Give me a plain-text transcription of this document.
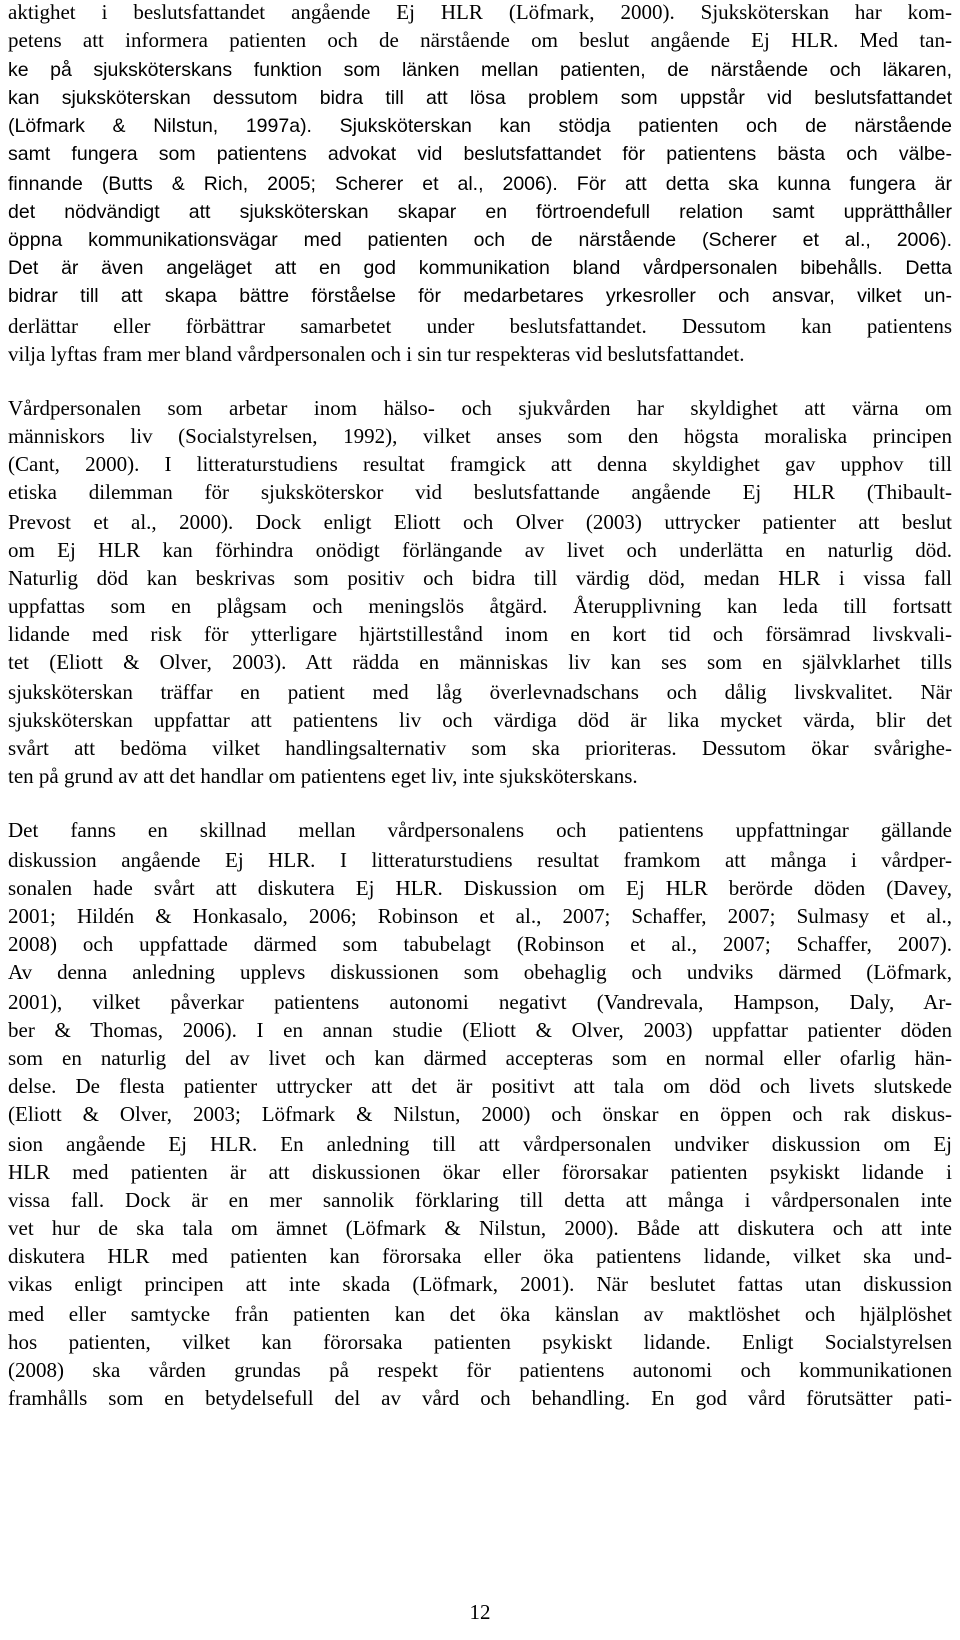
aktighet i beslutsfattandet angående Ej HLR (Löfmark, 2000). Sjuksköterskan har kom-
petens att informera patienten och de närstående om beslut angående Ej HLR. Med tan-
ke på sjuksköterskans funktion som länken mellan patienten, de närstående och läkaren,
kan sjuksköterskan dessutom bidra till att lösa problem som uppstår vid beslutsfattandet
(Löfmark & Nilstun, 1997a). Sjuksköterskan kan stödja patienten och de närstående
samt fungera som patientens advokat vid beslutsfattandet för patientens bästa och välbe-
finnande (Butts & Rich, 2005; Scherer et al., 2006). För att detta ska kunna fungera är
det nödvändigt att sjuksköterskan skapar en förtroendefull relation samt upprätthåller
öppna kommunikationsvägar med patienten och de närstående (Scherer et al., 2006).
Det är även angeläget att en god kommunikation bland vårdpersonalen bibehålls. Detta
bidrar till att skapa bättre förståelse för medarbetares yrkesroller och ansvar, vilket un-
derlättar eller förbättrar samarbetet under beslutsfattandet. Dessutom kan patientens
vilja lyftas fram mer bland vårdpersonalen och i sin tur respekteras vid beslutsfattandet.
Vårdpersonalen som arbetar inom hälso- och sjukvården har skyldighet att värna om
människors liv (Socialstyrelsen, 1992), vilket anses som den högsta moraliska principen
(Cant, 2000). I litteraturstudiens resultat framgick att denna skyldighet gav upphov till
etiska dilemman för sjuksköterskor vid beslutsfattande angående Ej HLR (Thibault-
Prevost et al., 2000). Dock enligt Eliott och Olver (2003) uttrycker patienter att beslut
om Ej HLR kan förhindra onödigt förlängande av livet och underlätta en naturlig död.
Naturlig död kan beskrivas som positiv och bidra till värdig död, medan HLR i vissa fall
uppfattas som en plågsam och meningslös åtgärd. Återupplivning kan leda till fortsatt
lidande med risk för ytterligare hjärtstillestånd inom en kort tid och försämrad livskvali-
tet (Eliott & Olver, 2003). Att rädda en människas liv kan ses som en självklarhet tills
sjuksköterskan träffar en patient med låg överlevnadschans och dålig livskvalitet. När
sjuksköterskan uppfattar att patientens liv och värdiga död är lika mycket värda, blir det
svårt att bedöma vilket handlingsalternativ som ska prioriteras. Dessutom ökar svårighe-
ten på grund av att det handlar om patientens eget liv, inte sjuksköterskans.
Det fanns en skillnad mellan vårdpersonalens och patientens uppfattningar gällande
diskussion angående Ej HLR. I litteraturstudiens resultat framkom att många i vårdper-
sonalen hade svårt att diskutera Ej HLR. Diskussion om Ej HLR berörde döden (Davey,
2001; Hildén & Honkasalo, 2006; Robinson et al., 2007; Schaffer, 2007; Sulmasy et al.,
2008) och uppfattade därmed som tabubelagt (Robinson et al., 2007; Schaffer, 2007).
Av denna anledning upplevs diskussionen som obehaglig och undviks därmed (Löfmark,
2001), vilket påverkar patientens autonomi negativt (Vandrevala, Hampson, Daly, Ar-
ber & Thomas, 2006). I en annan studie (Eliott & Olver, 2003) uppfattar patienter döden
som en naturlig del av livet och kan därmed accepteras som en normal eller ofarlig hän-
delse. De flesta patienter uttrycker att det är positivt att tala om död och livets slutskede
(Eliott & Olver, 2003; Löfmark & Nilstun, 2000) och önskar en öppen och rak diskus-
sion angående Ej HLR. En anledning till att vårdpersonalen undviker diskussion om Ej
HLR med patienten är att diskussionen ökar eller förorsakar patienten psykiskt lidande i
vissa fall. Dock är en mer sannolik förklaring till detta att många i vårdpersonalen inte
vet hur de ska tala om ämnet (Löfmark & Nilstun, 2000). Både att diskutera och att inte
diskutera HLR med patienten kan förorsaka eller öka patientens lidande, vilket ska und-
vikas enligt principen att inte skada (Löfmark, 2001). När beslutet fattas utan diskussion
med eller samtycke från patienten kan det öka känslan av maktlöshet och hjälplöshet
hos patienten, vilket kan förorsaka patienten psykiskt lidande. Enligt Socialstyrelsen
(2008) ska vården grundas på respekt för patientens autonomi och kommunikationen
framhålls som en betydelsefull del av vård och behandling. En god vård förutsätter pati-
12
